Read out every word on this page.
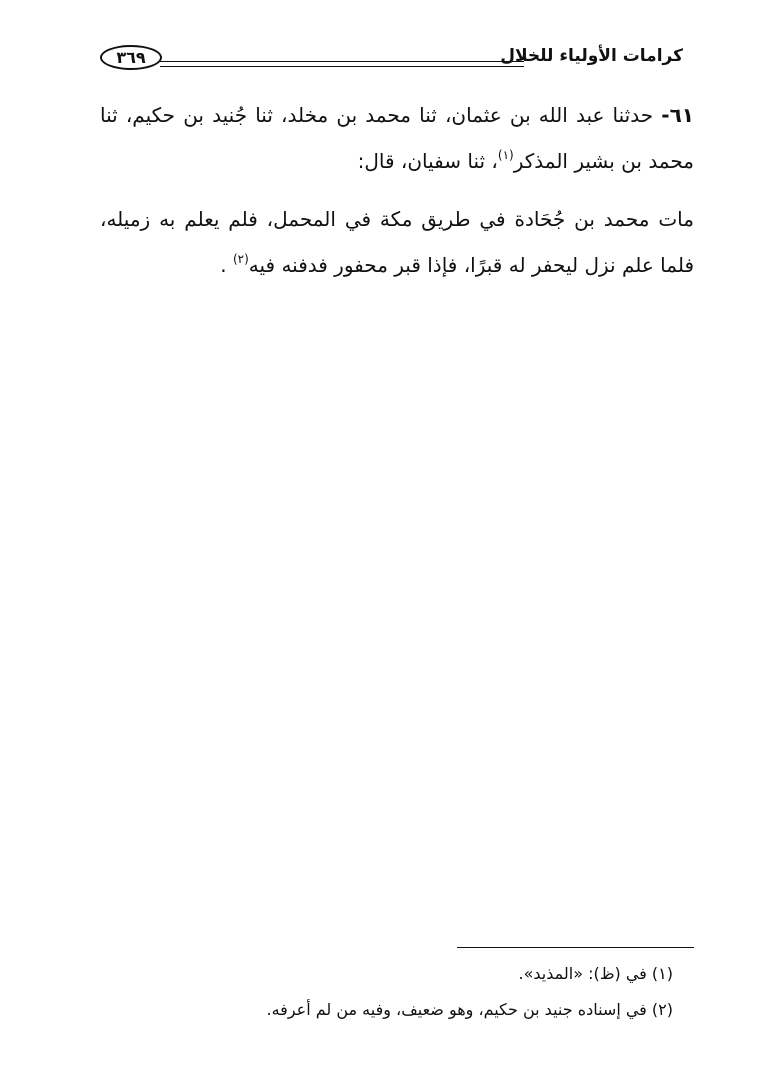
كرامات الأولياء للخلال
٣٦٩
٦١- حدثنا عبد الله بن عثمان، ثنا محمد بن مخلد، ثنا جُنيد بن حكيم، ثنا محمد بن بشير المذكر$^{(١)}$، ثنا سفيان، قال:
مات محمد بن جُحَادة في طريق مكة في المحمل، فلم يعلم به زميله، فلما علم نزل ليحفر له قبرًا، فإذا قبر محفور فدفنه فيه$^{(٢)}$ .
(١) في (ظ): «المذيد».
(٢) في إسناده جنيد بن حكيم، وهو ضعيف، وفيه من لم أعرفه.
